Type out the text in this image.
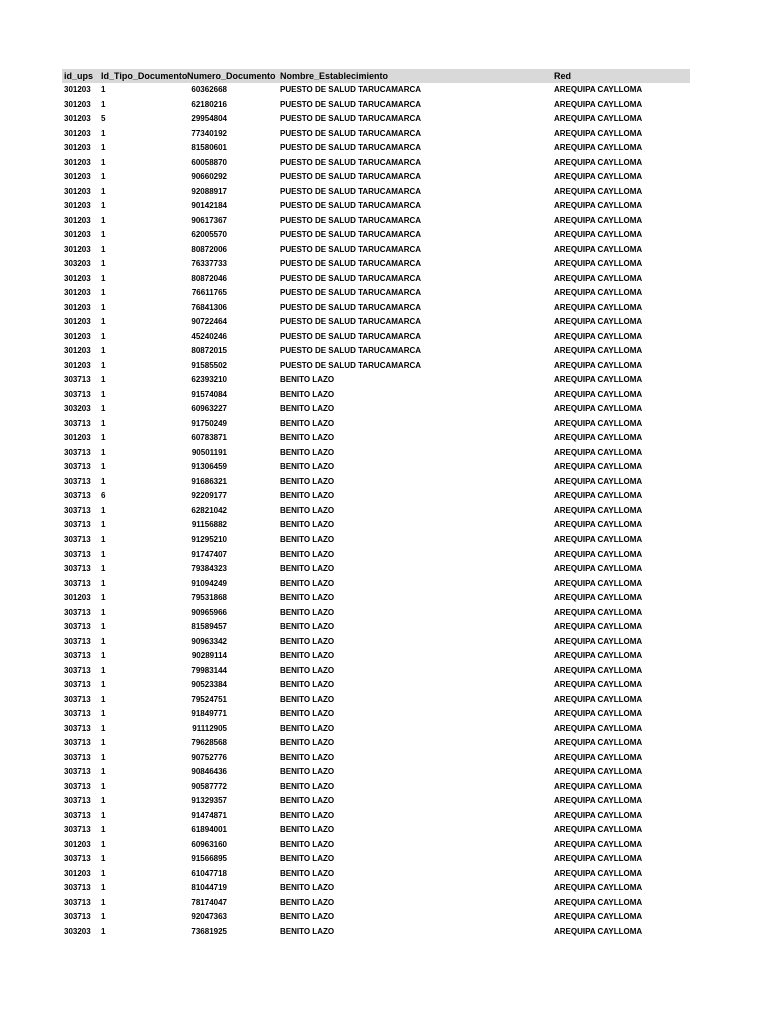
id_ups Id_Tipo_Documento Numero_Documento Nombre_Establecimiento	Red
301203	1	60362668	PUESTO DE SALUD TARUCAMARCA	AREQUIPA CAYLLOMA
301203	1	62180216	PUESTO DE SALUD TARUCAMARCA	AREQUIPA CAYLLOMA
301203	5	29954804	PUESTO DE SALUD TARUCAMARCA	AREQUIPA CAYLLOMA
301203	1	77340192	PUESTO DE SALUD TARUCAMARCA	AREQUIPA CAYLLOMA
301203	1	81580601	PUESTO DE SALUD TARUCAMARCA	AREQUIPA CAYLLOMA
301203	1	60058870	PUESTO DE SALUD TARUCAMARCA	AREQUIPA CAYLLOMA
301203	1	90660292	PUESTO DE SALUD TARUCAMARCA	AREQUIPA CAYLLOMA
301203	1	92088917	PUESTO DE SALUD TARUCAMARCA	AREQUIPA CAYLLOMA
301203	1	90142184	PUESTO DE SALUD TARUCAMARCA	AREQUIPA CAYLLOMA
301203	1	90617367	PUESTO DE SALUD TARUCAMARCA	AREQUIPA CAYLLOMA
301203	1	62005570	PUESTO DE SALUD TARUCAMARCA	AREQUIPA CAYLLOMA
301203	1	80872006	PUESTO DE SALUD TARUCAMARCA	AREQUIPA CAYLLOMA
303203	1	76337733	PUESTO DE SALUD TARUCAMARCA	AREQUIPA CAYLLOMA
301203	1	80872046	PUESTO DE SALUD TARUCAMARCA	AREQUIPA CAYLLOMA
301203	1	76611765	PUESTO DE SALUD TARUCAMARCA	AREQUIPA CAYLLOMA
301203	1	76841306	PUESTO DE SALUD TARUCAMARCA	AREQUIPA CAYLLOMA
301203	1	90722464	PUESTO DE SALUD TARUCAMARCA	AREQUIPA CAYLLOMA
301203	1	45240246	PUESTO DE SALUD TARUCAMARCA	AREQUIPA CAYLLOMA
301203	1	80872015	PUESTO DE SALUD TARUCAMARCA	AREQUIPA CAYLLOMA
301203	1	91585502	PUESTO DE SALUD TARUCAMARCA	AREQUIPA CAYLLOMA
303713	1	62393210	BENITO LAZO	AREQUIPA CAYLLOMA
303713	1	91574084	BENITO LAZO	AREQUIPA CAYLLOMA
303203	1	60963227	BENITO LAZO	AREQUIPA CAYLLOMA
303713	1	91750249	BENITO LAZO	AREQUIPA CAYLLOMA
301203	1	60783871	BENITO LAZO	AREQUIPA CAYLLOMA
303713	1	90501191	BENITO LAZO	AREQUIPA CAYLLOMA
303713	1	91306459	BENITO LAZO	AREQUIPA CAYLLOMA
303713	1	91686321	BENITO LAZO	AREQUIPA CAYLLOMA
303713	6	92209177	BENITO LAZO	AREQUIPA CAYLLOMA
303713	1	62821042	BENITO LAZO	AREQUIPA CAYLLOMA
303713	1	91156882	BENITO LAZO	AREQUIPA CAYLLOMA
303713	1	91295210	BENITO LAZO	AREQUIPA CAYLLOMA
303713	1	91747407	BENITO LAZO	AREQUIPA CAYLLOMA
303713	1	79384323	BENITO LAZO	AREQUIPA CAYLLOMA
303713	1	91094249	BENITO LAZO	AREQUIPA CAYLLOMA
301203	1	79531868	BENITO LAZO	AREQUIPA CAYLLOMA
303713	1	90965966	BENITO LAZO	AREQUIPA CAYLLOMA
303713	1	81589457	BENITO LAZO	AREQUIPA CAYLLOMA
303713	1	90963342	BENITO LAZO	AREQUIPA CAYLLOMA
303713	1	90289114	BENITO LAZO	AREQUIPA CAYLLOMA
303713	1	79983144	BENITO LAZO	AREQUIPA CAYLLOMA
303713	1	90523384	BENITO LAZO	AREQUIPA CAYLLOMA
303713	1	79524751	BENITO LAZO	AREQUIPA CAYLLOMA
303713	1	91849771	BENITO LAZO	AREQUIPA CAYLLOMA
303713	1	91112905	BENITO LAZO	AREQUIPA CAYLLOMA
303713	1	79628568	BENITO LAZO	AREQUIPA CAYLLOMA
303713	1	90752776	BENITO LAZO	AREQUIPA CAYLLOMA
303713	1	90846436	BENITO LAZO	AREQUIPA CAYLLOMA
303713	1	90587772	BENITO LAZO	AREQUIPA CAYLLOMA
303713	1	91329357	BENITO LAZO	AREQUIPA CAYLLOMA
303713	1	91474871	BENITO LAZO	AREQUIPA CAYLLOMA
303713	1	61894001	BENITO LAZO	AREQUIPA CAYLLOMA
301203	1	60963160	BENITO LAZO	AREQUIPA CAYLLOMA
303713	1	91566895	BENITO LAZO	AREQUIPA CAYLLOMA
301203	1	61047718	BENITO LAZO	AREQUIPA CAYLLOMA
303713	1	81044719	BENITO LAZO	AREQUIPA CAYLLOMA
303713	1	78174047	BENITO LAZO	AREQUIPA CAYLLOMA
303713	1	92047363	BENITO LAZO	AREQUIPA CAYLLOMA
303203	1	73681925	BENITO LAZO	AREQUIPA CAYLLOMA
